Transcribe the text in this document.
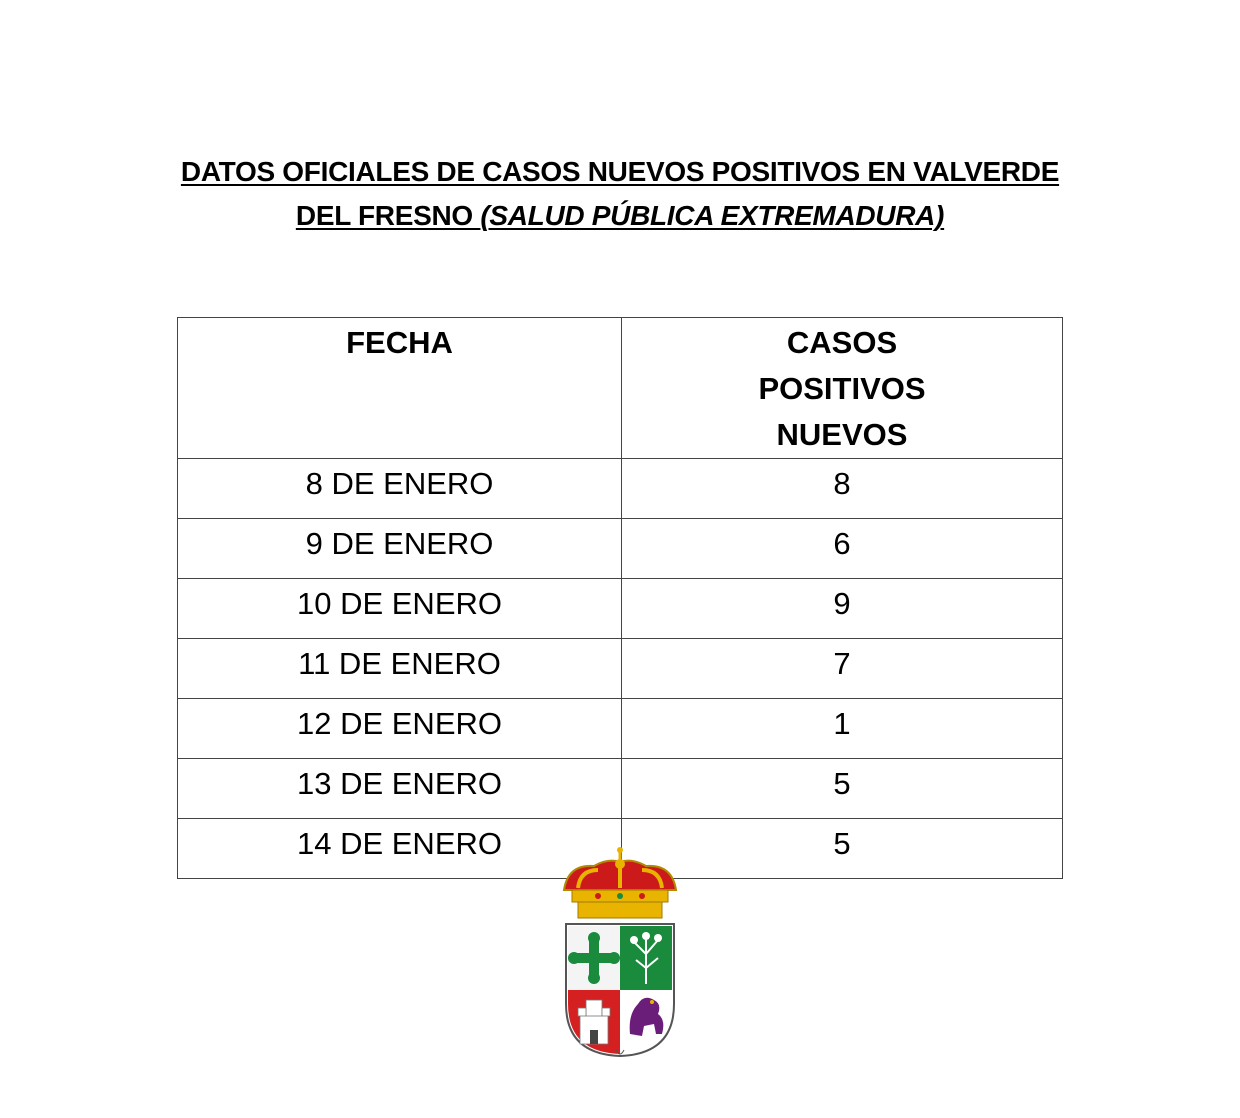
DATOS OFICIALES DE CASOS NUEVOS POSITIVOS EN VALVERDE
DEL FRESNO (SALUD PÚBLICA EXTREMADURA)
FECHA	CASOS POSITIVOS NUEVOS

8 DE ENERO	8
9 DE ENERO	6
10 DE ENERO	9
11 DE ENERO	7
12 DE ENERO	1
13 DE ENERO	5
14 DE ENERO	5
